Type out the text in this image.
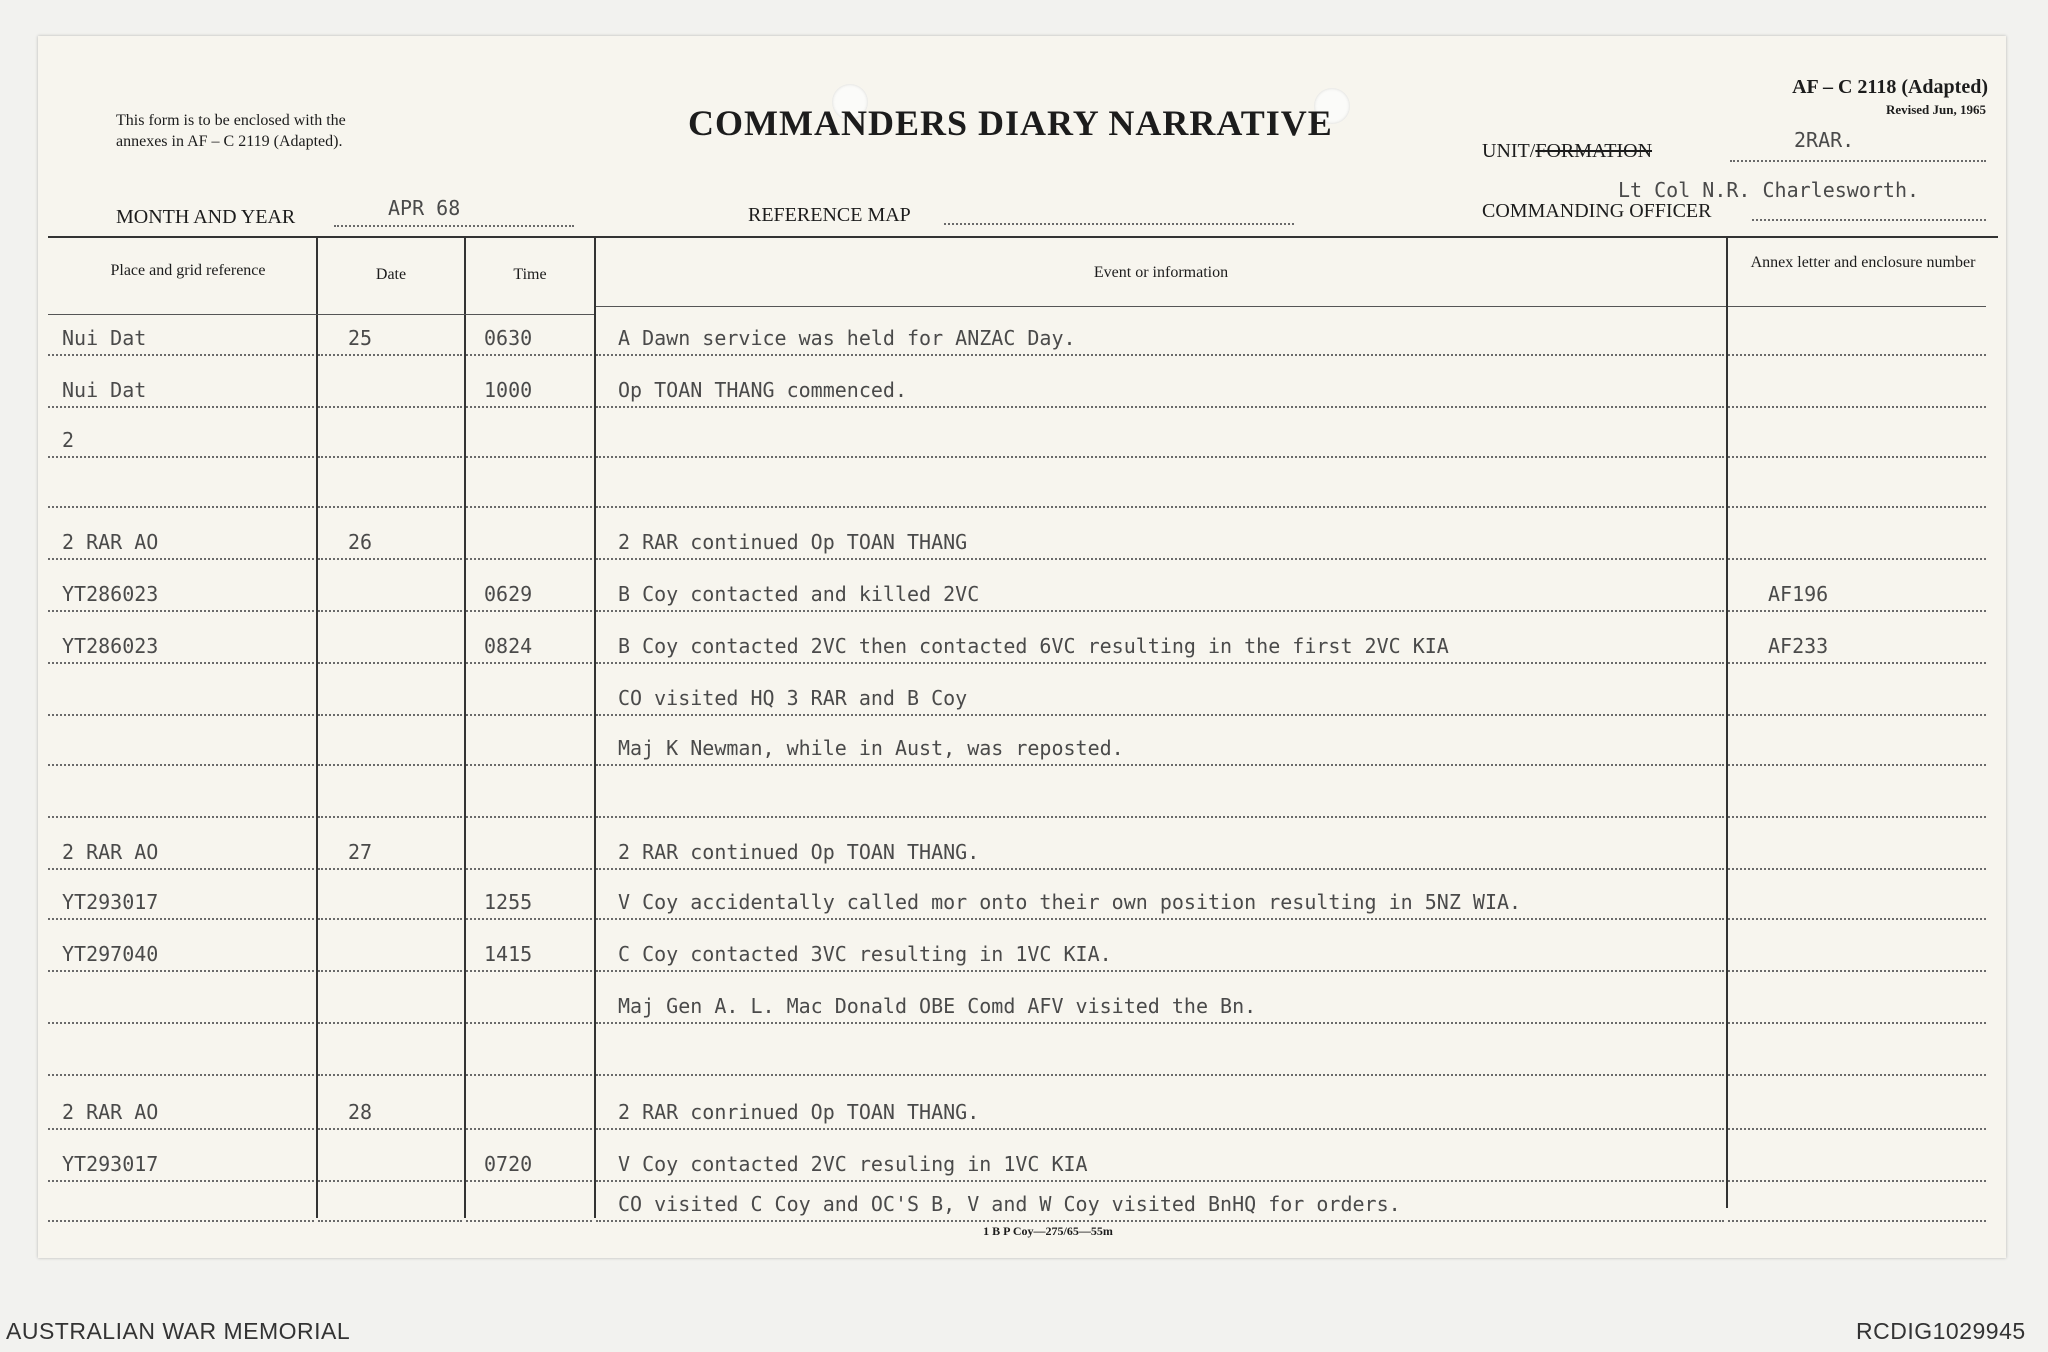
This form is to be enclosed with the
annexes in AF – C 2119 (Adapted).	COMMANDERS DIARY NARRATIVE
AF – C 2118 (Adapted)
Revised Jun, 1965
UNIT/FORMATION	2RAR.
Lt Col N.R. Charlesworth.
COMMANDING OFFICER
MONTH AND YEAR	APR 68	REFERENCE MAP
Place and grid reference	Date	Time	Event or information
Annex letter and enclosure number
Nui Dat	25	0630	A Dawn service was held for ANZAC Day.
Nui Dat	1000	Op TOAN THANG commenced.
2
2 RAR AO	26	2 RAR continued Op TOAN THANG
YT286023	0629	B Coy contacted and killed 2VC	AF196
YT286023	0824	B Coy contacted 2VC then contacted 6VC resulting in the first 2VC KIA	AF233
CO visited HQ 3 RAR and B Coy
Maj K Newman, while in Aust, was reposted.
2 RAR AO	27	2 RAR continued Op TOAN THANG.
YT293017	1255	V Coy accidentally called mor onto their own position resulting in 5NZ WIA.
YT297040	1415	C Coy contacted 3VC resulting in 1VC KIA.
Maj Gen A. L. Mac Donald OBE Comd AFV visited the Bn.
2 RAR AO	28	2 RAR conrinued Op TOAN THANG.
YT293017	0720	V Coy contacted 2VC resuling in 1VC KIA
CO visited C Coy and OC'S B, V and W Coy visited BnHQ for orders.
1 B P Coy—275/65—55m
AUSTRALIAN WAR MEMORIAL	RCDIG1029945
